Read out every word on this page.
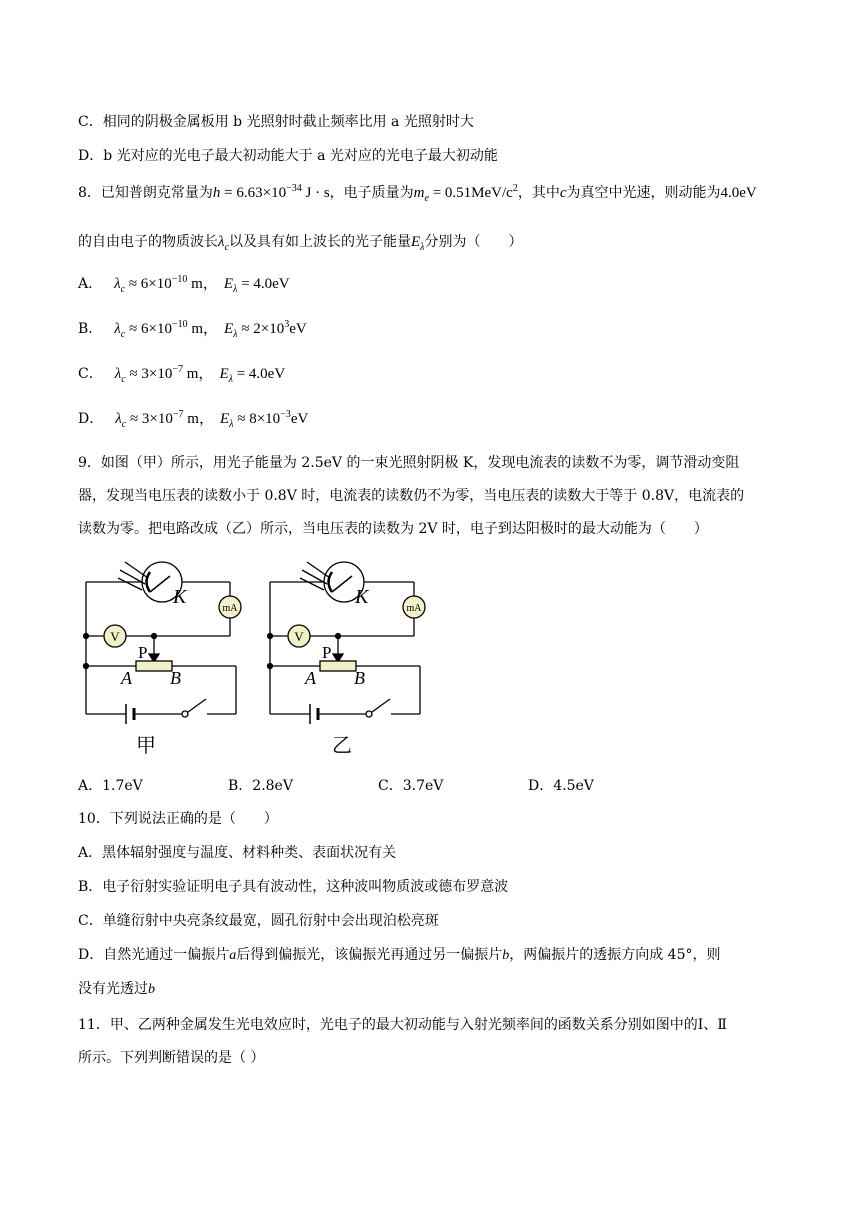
C．相同的阴极金属板用 b 光照射时截止频率比用 a 光照射时大
D．b 光对应的光电子最大初动能大于 a 光对应的光电子最大初动能
8．已知普朗克常量为$h = 6.63\times 10^{-34}$ J · s，电子质量为$m_e = 0.51MeV/c^2$，其中c为真空中光速，则动能为4.0eV
的自由电子的物质波长$\lambda_c$以及具有如上波长的光子能量$E_\lambda$分别为（　　）
A． $\lambda_c \approx 6\times 10^{-10}$ m， $E_\lambda = 4.0eV$
B． $\lambda_c \approx 6\times 10^{-10}$ m， $E_\lambda \approx 2\times 10^3eV$
C． $\lambda_c \approx 3\times 10^{-7}$ m， $E_\lambda = 4.0eV$
D． $\lambda_c \approx 3\times 10^{-7}$ m， $E_\lambda \approx 8\times 10^{-3}eV$
9．如图（甲）所示，用光子能量为 2.5eV 的一束光照射阴极 K，发现电流表的读数不为零，调节滑动变阻
器，发现当电压表的读数小于 0.8V 时，电流表的读数仍不为零，当电压表的读数大于等于 0.8V，电流表的
读数为零。把电路改成（乙）所示，当电压表的读数为 2V 时，电子到达阳极时的最大动能为（　　）
K
mA
V
P
A B
K
mA
V
P
A B
甲	乙
A．1.7eV	B．2.8eV	C．3.7eV	D．4.5eV
10．下列说法正确的是（　　）
A．黑体辐射强度与温度、材料种类、表面状况有关
B．电子衍射实验证明电子具有波动性，这种波叫物质波或德布罗意波
C．单缝衍射中央亮条纹最宽，圆孔衍射中会出现泊松亮斑
D．自然光通过一偏振片a后得到偏振光，该偏振光再通过另一偏振片b，两偏振片的透振方向成 45°，则
没有光透过b
11．甲、乙两种金属发生光电效应时，光电子的最大初动能与入射光频率间的函数关系分别如图中的Ⅰ、Ⅱ
所示。下列判断错误的是（ ）
